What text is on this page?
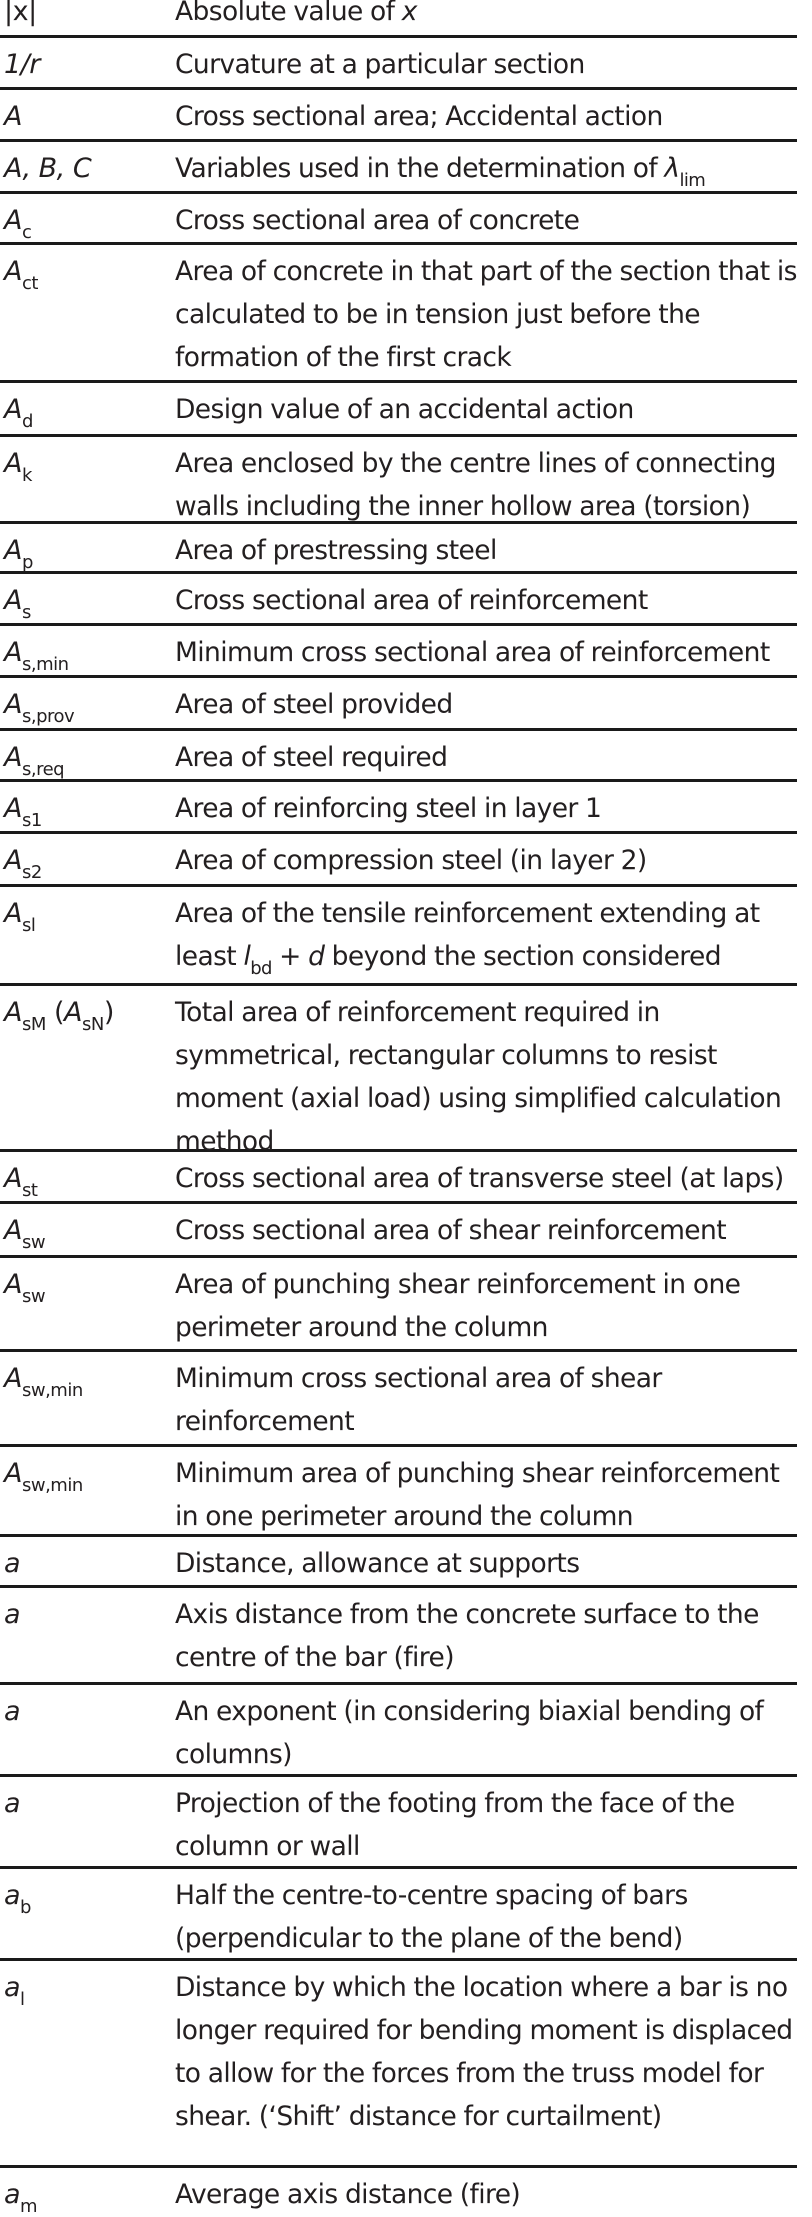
|x|	Absolute value of x
1/r	Curvature at a particular section
A	Cross sectional area; Accidental action
A, B, C	Variables used in the determination of $\lambda_{lim}$
$A_c$	Cross sectional area of concrete
$A_{ct}$	Area of concrete in that part of the section that is calculated to be in tension just before the formation of the first crack
$A_d$	Design value of an accidental action
$A_k$	Area enclosed by the centre lines of connecting walls including the inner hollow area (torsion)
$A_p$	Area of prestressing steel
$A_s$	Cross sectional area of reinforcement
$A_{s,min}$	Minimum cross sectional area of reinforcement
$A_{s,prov}$	Area of steel provided
$A_{s,req}$	Area of steel required
$A_{s1}$	Area of reinforcing steel in layer 1
$A_{s2}$	Area of compression steel (in layer 2)
$A_{sl}$	Area of the tensile reinforcement extending at least $l_{bd} + d$ beyond the section considered
$A_{sM}$ $(A_{sN})$	Total area of reinforcement required in symmetrical, rectangular columns to resist moment (axial load) using simplified calculation method
$A_{st}$	Cross sectional area of transverse steel (at laps)
$A_{sw}$	Cross sectional area of shear reinforcement
$A_{sw}$	Area of punching shear reinforcement in one perimeter around the column
$A_{sw,min}$	Minimum cross sectional area of shear reinforcement
$A_{sw,min}$	Minimum area of punching shear reinforcement in one perimeter around the column
a	Distance, allowance at supports
a	Axis distance from the concrete surface to the centre of the bar (fire)
a	An exponent (in considering biaxial bending of columns)
a	Projection of the footing from the face of the column or wall
$a_b$	Half the centre-to-centre spacing of bars (perpendicular to the plane of the bend)
$a_l$	Distance by which the location where a bar is no longer required for bending moment is displaced to allow for the forces from the truss model for shear. (‘Shift’ distance for curtailment)
$a_m$	Average axis distance (fire)
